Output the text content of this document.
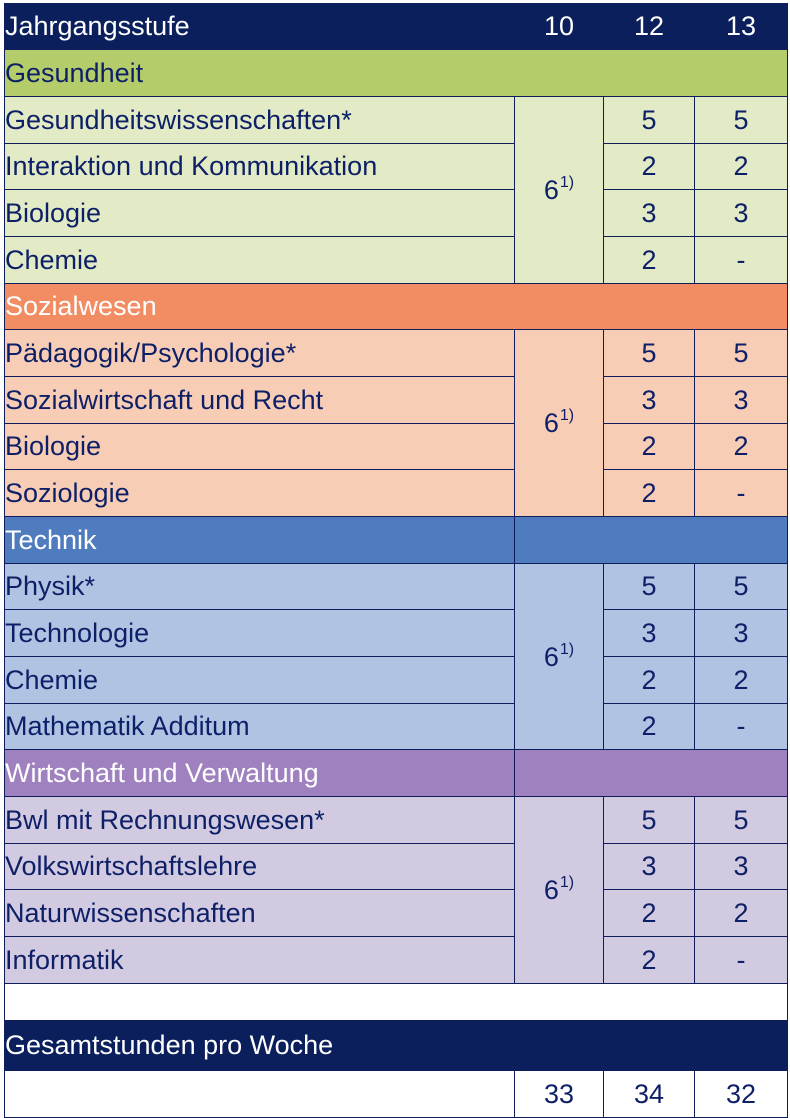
Jahrgangsstufe	10	12	13
Gesundheit			
Gesundheitswissenschaften*	6$^{1)}$	5	5
Interaktion und Kommunikation		2	2
Biologie		3	3
Chemie		2	-
Sozialwesen			
Pädagogik/Psychologie*	6$^{1)}$	5	5
Sozialwirtschaft und Recht		3	3
Biologie		2	2
Soziologie		2	-
Technik			
Physik*	6$^{1)}$	5	5
Technologie		3	3
Chemie		2	2
Mathematik Additum		2	-
Wirtschaft und Verwaltung			
Bwl mit Rechnungswesen*	6$^{1)}$	5	5
Volkswirtschaftslehre		3	3
Naturwissenschaften		2	2
Informatik		2	-

Gesamtstunden pro Woche			
	33	34	32
